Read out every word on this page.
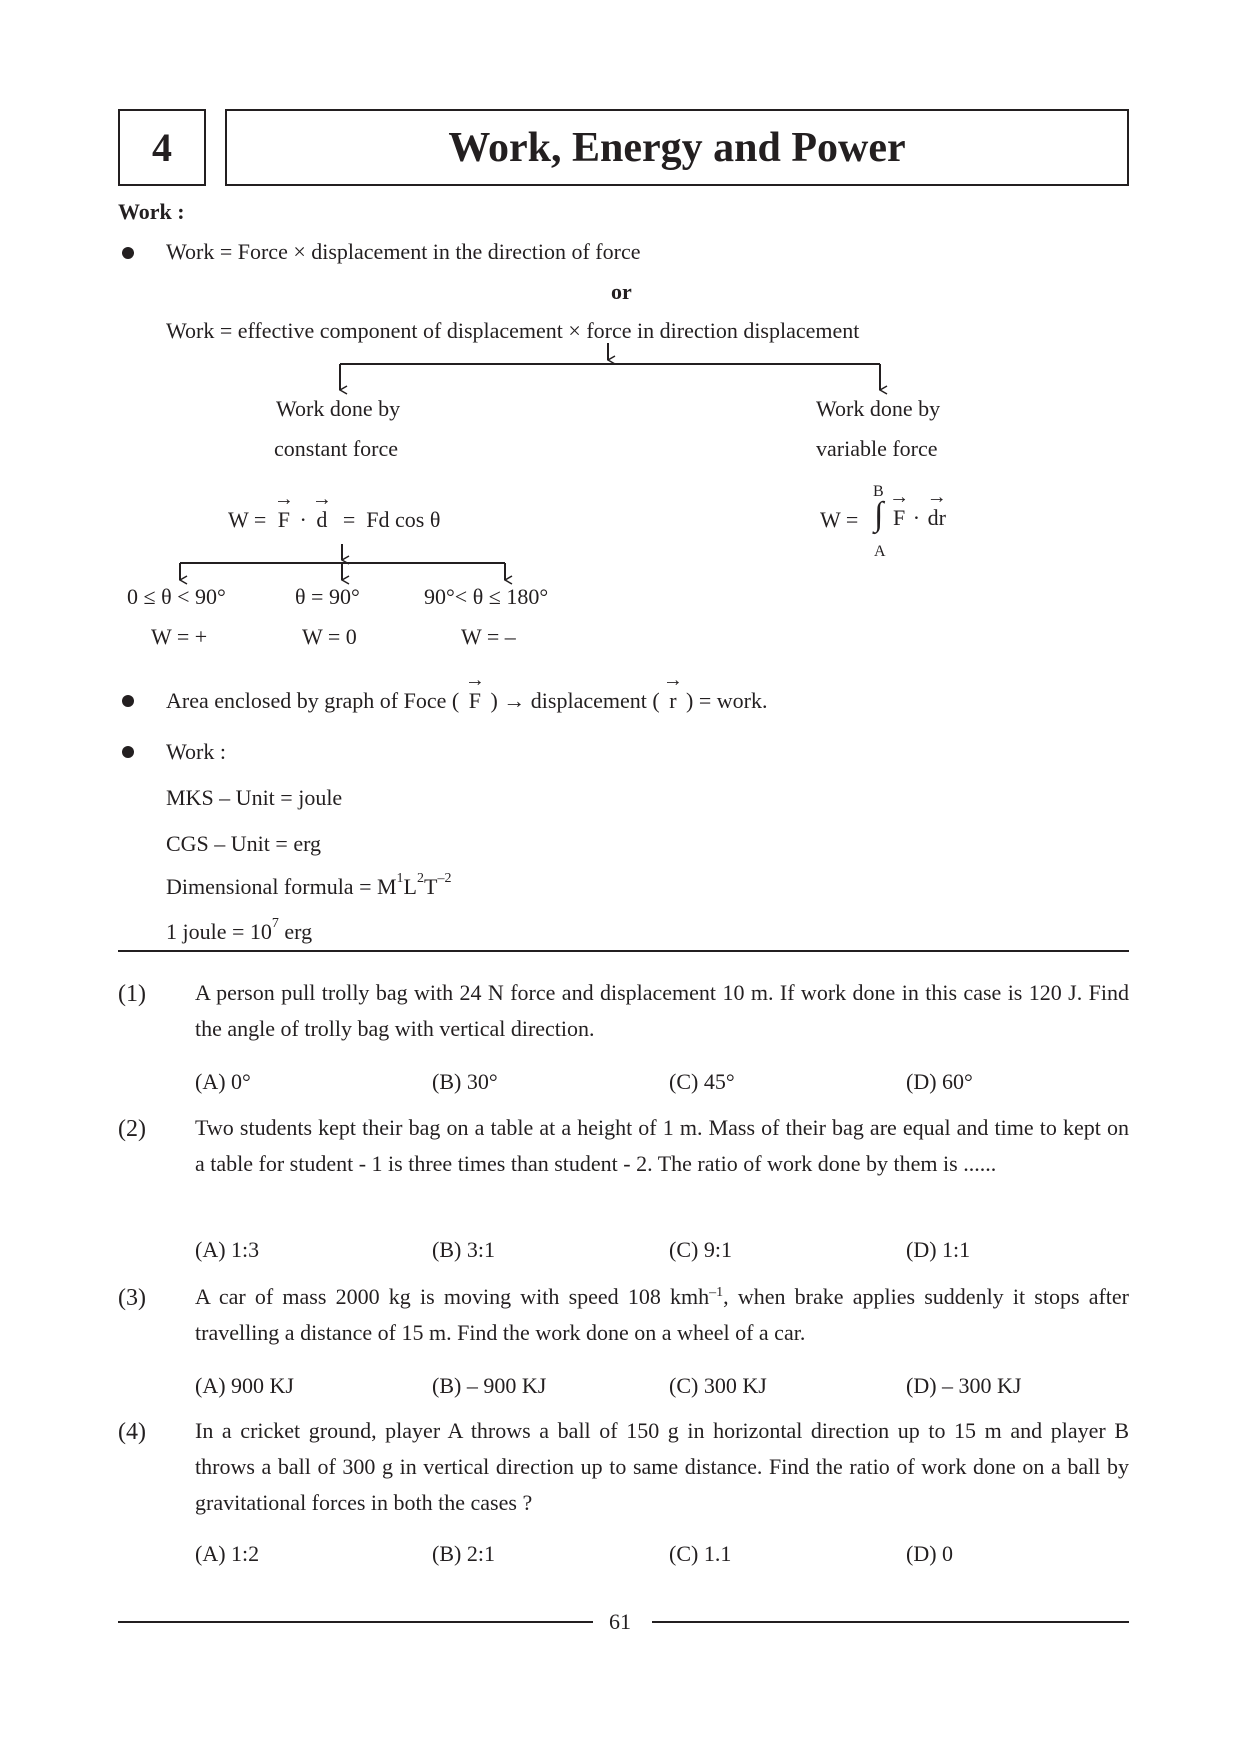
4	Work, Energy and Power
Work :
Work = Force × displacement in the direction of force
or
Work = effective component of displacement × force in direction displacement
Work done by
constant force
Work done by
variable force
W = → F · → d =  Fd cos θ	W = ∫
B
A
→ F · → dr
0 ≤ θ < 90°	θ = 90°	90°< θ ≤ 180°
W = +	W = 0	W = –
Area enclosed by graph of Foce ( → F ) → displacement ( → r ) = work.
Work :
MKS – Unit = joule
CGS – Unit = erg
Dimensional formula = $M^1L^2T^{-2}$
1 joule = $10^7$ erg
(1) A person pull trolly bag with 24 N force and displacement 10 m. If work done in this case is 120 J. Find the angle of trolly bag with vertical direction.
(A) 0°	(B) 30°	(C) 45°	(D) 60°
(2) Two students kept their bag on a table at a height of 1 m. Mass of their bag are equal and time to kept on a table for student - 1 is three times than student - 2. The ratio of work done by them is ......
(A) 1:3	(B) 3:1	(C) 9:1	(D) 1:1
(3) A car of mass 2000 kg is moving with speed 108 kmh$^{-1}$, when brake applies suddenly it stops after travelling a distance of 15 m. Find the work done on a wheel of a car.
(A) 900 KJ	(B) – 900 KJ	(C) 300 KJ	(D) – 300 KJ
(4) In a cricket ground, player A throws a ball of 150 g in horizontal direction up to 15 m and player B throws a ball of 300 g in vertical direction up to same distance. Find the ratio of work done on a ball by gravitational forces in both the cases ?
(A) 1:2	(B) 2:1	(C) 1.1	(D) 0
61
